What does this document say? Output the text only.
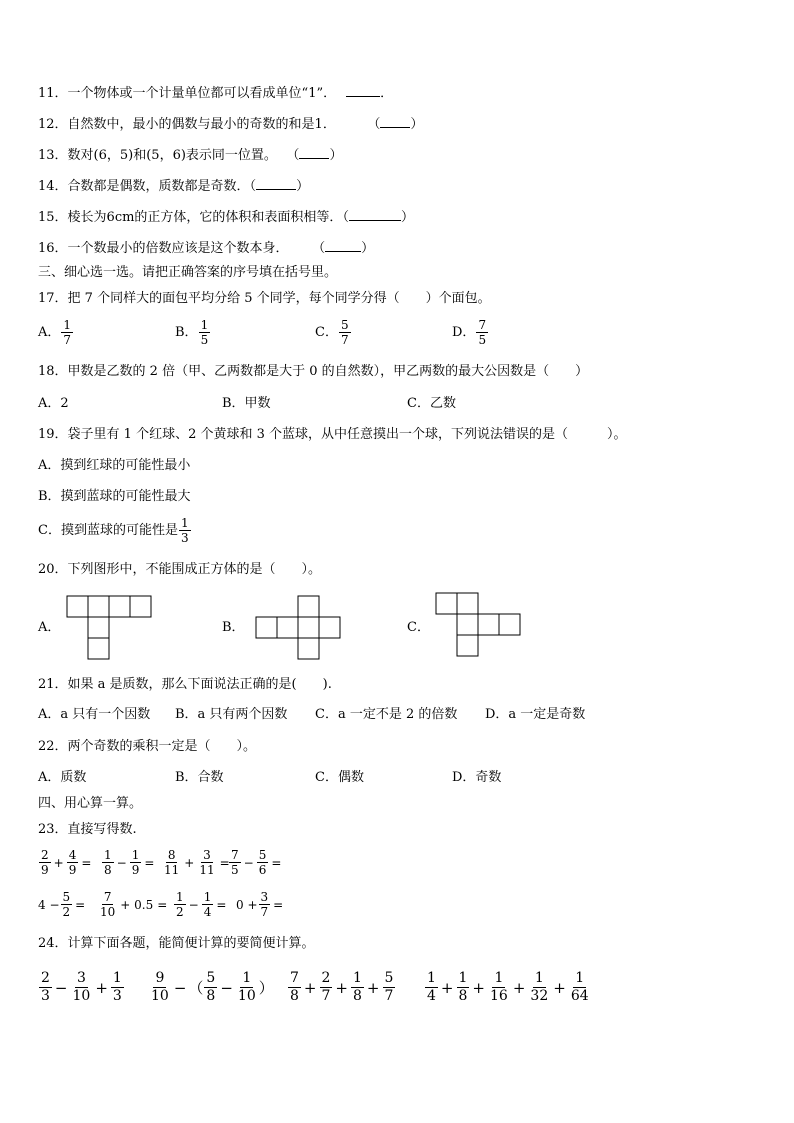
11．一个物体或一个计量单位都可以看成单位“1”．	．
12．自然数中，最小的偶数与最小的奇数的和是1．	（ ）
13．数对(6，5)和(5，6)表示同一位置。 （ ）
14．合数都是偶数，质数都是奇数．（	）
15．棱长为6cm的正方体，它的体积和表面积相等．（	）
16．一个数最小的倍数应该是这个数本身． （	）
三、细心选一选。请把正确答案的序号填在括号里。
17．把 7 个同样大的面包平均分给 5 个同学，每个同学分得（　　）个面包。
A． $\frac{1}{7}$	B． $\frac{1}{5}$	C． $\frac{5}{7}$	D． $\frac{7}{5}$
18．甲数是乙数的 2 倍（甲、乙两数都是大于 0 的自然数），甲乙两数的最大公因数是（　　）
A．2	B．甲数	C．乙数
19．袋子里有 1 个红球、2 个黄球和 3 个蓝球，从中任意摸出一个球，下列说法错误的是（　　　）。
A．摸到红球的可能性最小
B．摸到蓝球的可能性最大
C．摸到蓝球的可能性是 $\frac{1}{3}$
20．下列图形中，不能围成正方体的是（　　）。
A．	B．	C．
21．如果 a 是质数，那么下面说法正确的是(　　).
A．a 只有一个因数 B．a 只有两个因数 C．a 一定不是 2 的倍数 D．a 一定是奇数
22．两个奇数的乘积一定是（　　）。
A．质数	B．合数	C．偶数	D．奇数
四、用心算一算。
23．直接写得数.
$\frac{2}{9} + \frac{4}{9} = \frac{1}{8} - \frac{1}{9} = \frac{8}{11} + \frac{3}{11} = \frac{7}{5} - \frac{5}{6}$ =
$4 - \frac{5}{2} = \frac{7}{10} + 0.5 = \frac{1}{2} - \frac{1}{4} = 0 + \frac{3}{7}$ =
24．计算下面各题，能简便计算的要简便计算。
$\frac{2}{3} - \frac{3}{10} + \frac{1}{3} \frac{9}{10}$ − （ $\frac{5}{8} - \frac{1}{10}$ ） $\frac{7}{8} + \frac{2}{7} + \frac{1}{8} + \frac{5}{7} \frac{1}{4} + \frac{1}{8} + \frac{1}{16} + \frac{1}{32} + \frac{1}{64}$
